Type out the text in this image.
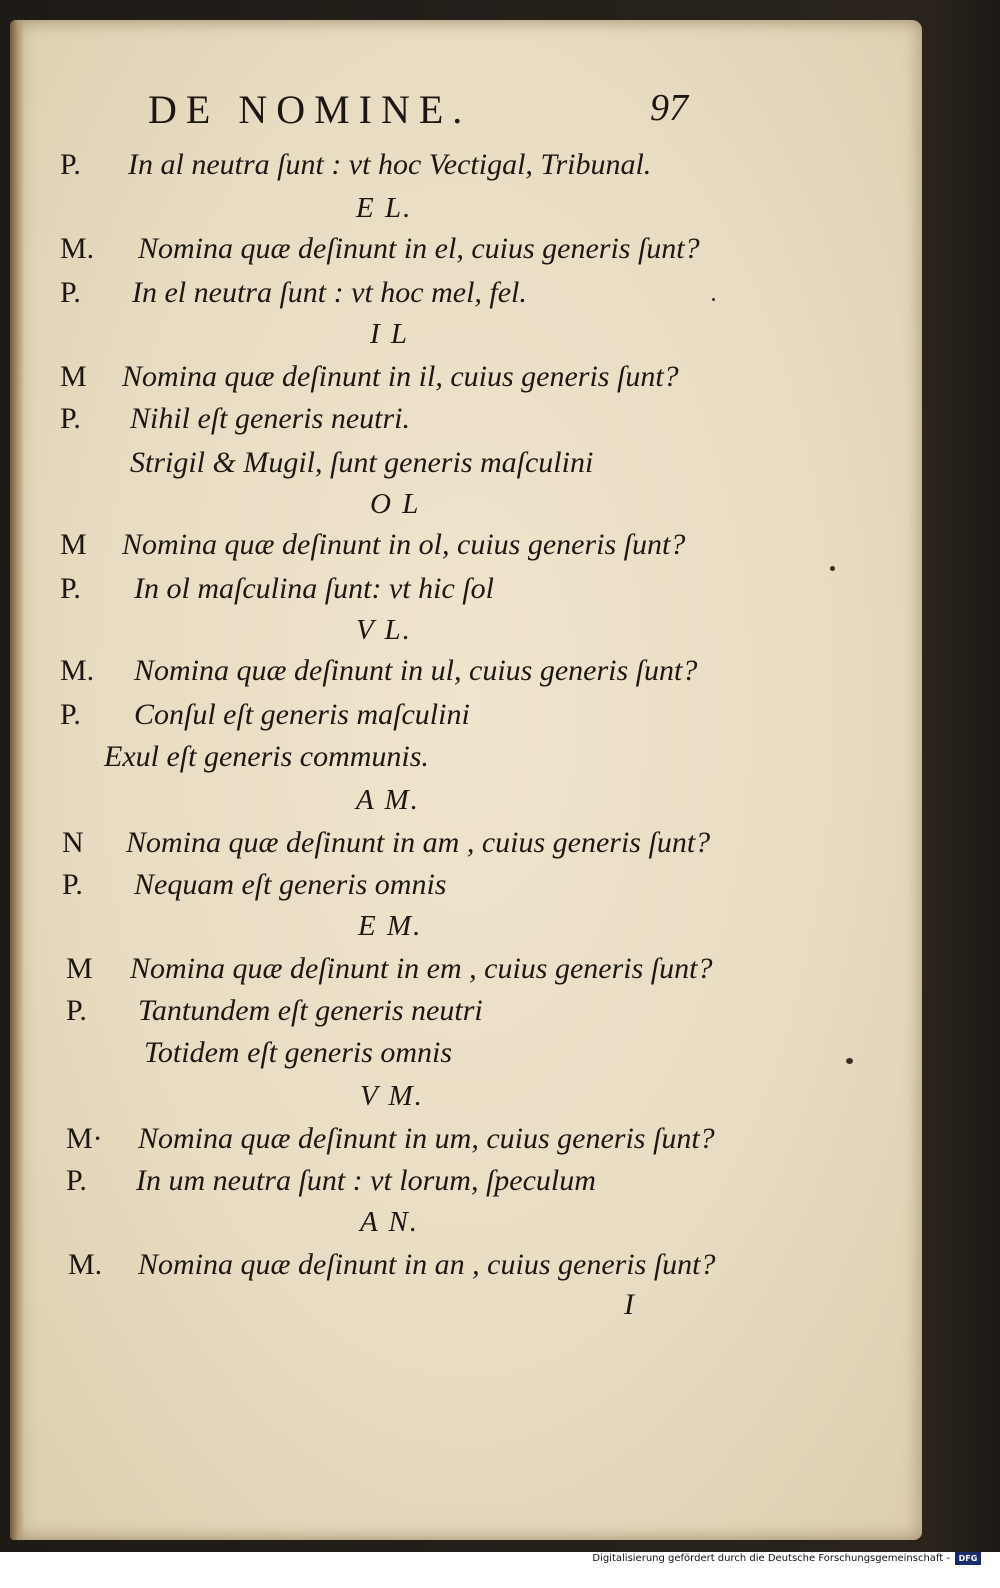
DE NOMINE.	97
P. In al neutra ſunt : vt hoc Vectigal, Tribunal.
E L.
M. Nomina quæ deſinunt in el, cuius generis ſunt?
P. In el neutra ſunt : vt hoc mel, fel.
I L
M Nomina quæ deſinunt in il, cuius generis ſunt?
P. Nihil eſt generis neutri.
Strigil & Mugil, ſunt generis maſculini
O L
M Nomina quæ deſinunt in ol, cuius generis ſunt?
P. In ol maſculina ſunt: vt hic ſol
V L.
M. Nomina quæ deſinunt in ul, cuius generis ſunt?
P. Conſul eſt generis maſculini
Exul eſt generis communis.
A M.
N Nomina quæ deſinunt in am , cuius generis ſunt?
P. Nequam eſt generis omnis
E M.
M Nomina quæ deſinunt in em , cuius generis ſunt?
P. Tantundem eſt generis neutri
Totidem eſt generis omnis
V M.
M· Nomina quæ deſinunt in um, cuius generis ſunt?
P. In um neutra ſunt : vt lorum, ſpeculum
A N.
M. Nomina quæ deſinunt in an , cuius generis ſunt?
I
Digitalisierung gefördert durch die Deutsche Forschungsgemeinschaft -	DFG
